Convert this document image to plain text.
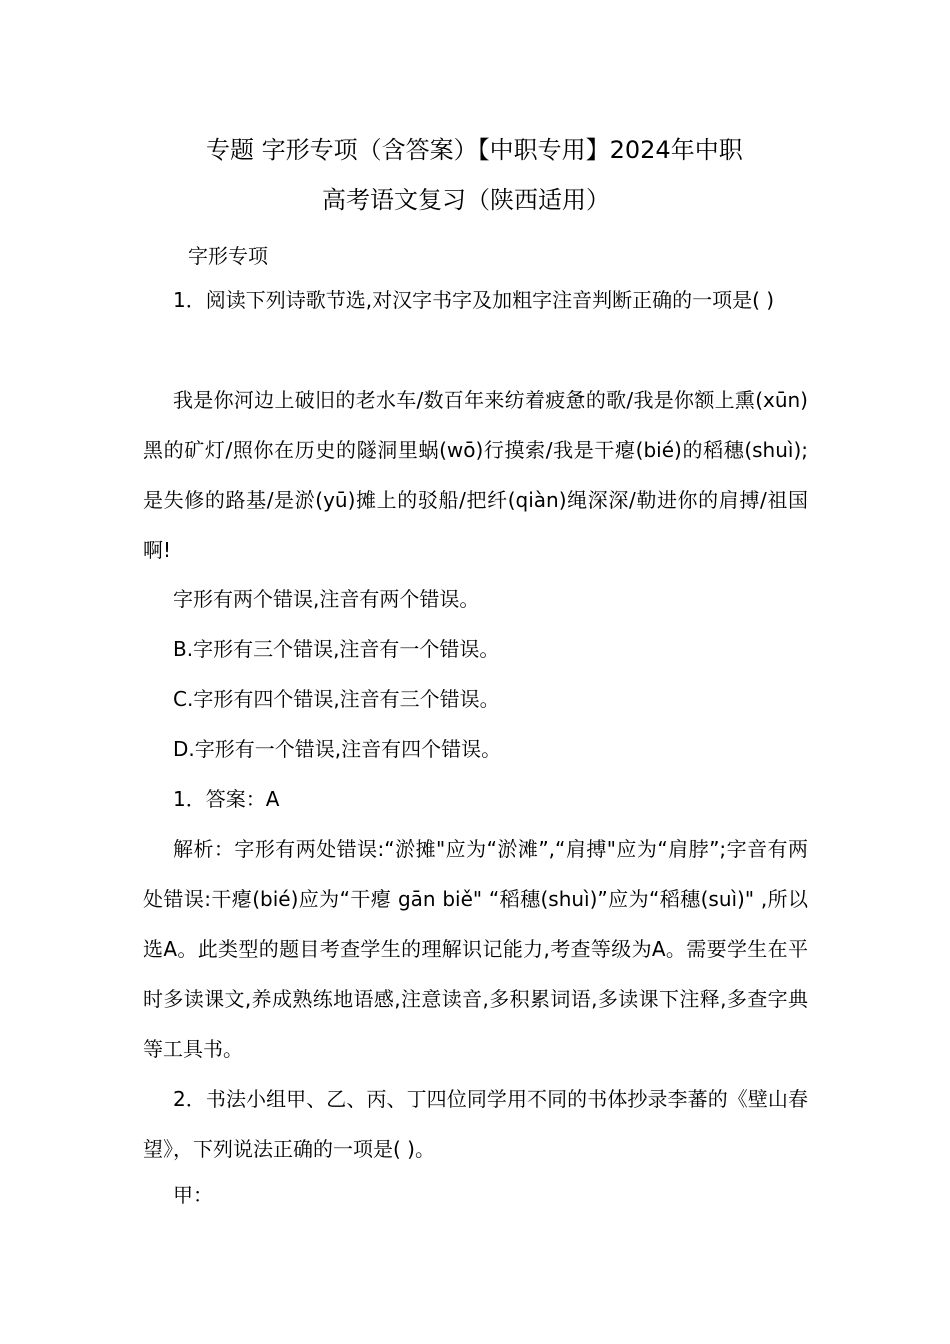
专题 字形专项（含答案）【中职专用】2024年中职
高考语文复习（陕西适用）
字形专项
1．阅读下列诗歌节选,对汉字书字及加粗字注音判断正确的一项是( )
我是你河边上破旧的老水车/数百年来纺着疲惫的歌/我是你额上熏(xūn)黑的矿灯/照你在历史的隧洞里蜗(wō)行摸索/我是干瘪(bié)的稻穗(shuì);是失修的路基/是淤(yū)摊上的驳船/把纤(qiàn)绳深深/勒进你的肩搏/祖国啊!
字形有两个错误,注音有两个错误。
B.字形有三个错误,注音有一个错误。
C.字形有四个错误,注音有三个错误。
D.字形有一个错误,注音有四个错误。
1．答案：A
解析：字形有两处错误:“淤摊"应为“淤滩”,“肩搏"应为“肩脖”;字音有两处错误:干瘪(bié)应为“干瘪 gān biě" “稻穗(shuì)”应为“稻穗(suì)" ,所以选A。此类型的题目考查学生的理解识记能力,考查等级为A。需要学生在平时多读课文,养成熟练地语感,注意读音,多积累词语,多读课下注释,多查字典等工具书。
2．书法小组甲、乙、丙、丁四位同学用不同的书体抄录李蕃的《壁山春望》，下列说法正确的一项是( )。
甲：
